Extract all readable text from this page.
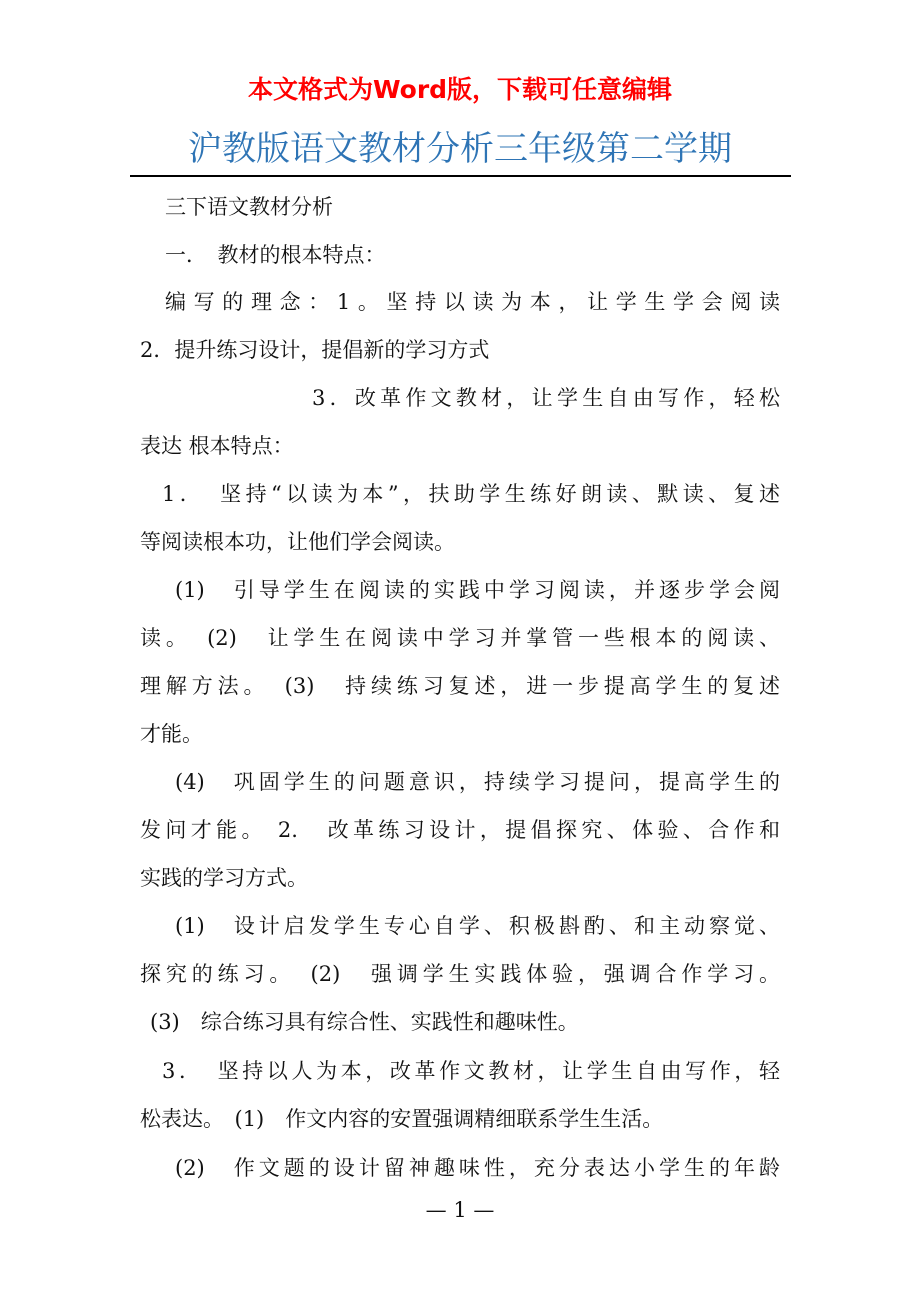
本文格式为Word版，下载可任意编辑
沪教版语文教材分析三年级第二学期
三下语文教材分析
一．　教材的根本特点：
编写的理念：1。坚持以读为本，让学生学会阅读
2．提升练习设计，提倡新的学习方式
3．改革作文教材，让学生自由写作，轻松
表达 根本特点：
1．　坚持“以读为本”，扶助学生练好朗读、默读、复述
等阅读根本功，让他们学会阅读。
(1)　引导学生在阅读的实践中学习阅读，并逐步学会阅
读。　(2)　让学生在阅读中学习并掌管一些根本的阅读、
理解方法。　(3)　持续练习复述，进一步提高学生的复述
才能。
(4)　巩固学生的问题意识，持续学习提问，提高学生的
发问才能。 2.　改革练习设计，提倡探究、体验、合作和
实践的学习方式。
(1)　设计启发学生专心自学、积极斟酌、和主动察觉、
探究的练习。　(2)　强调学生实践体验，强调合作学习。
(3)　综合练习具有综合性、实践性和趣味性。
3．　坚持以人为本，改革作文教材，让学生自由写作，轻
松表达。　(1)　作文内容的安置强调精细联系学生生活。
(2)　作文题的设计留神趣味性，充分表达小学生的年龄
— 1 —
